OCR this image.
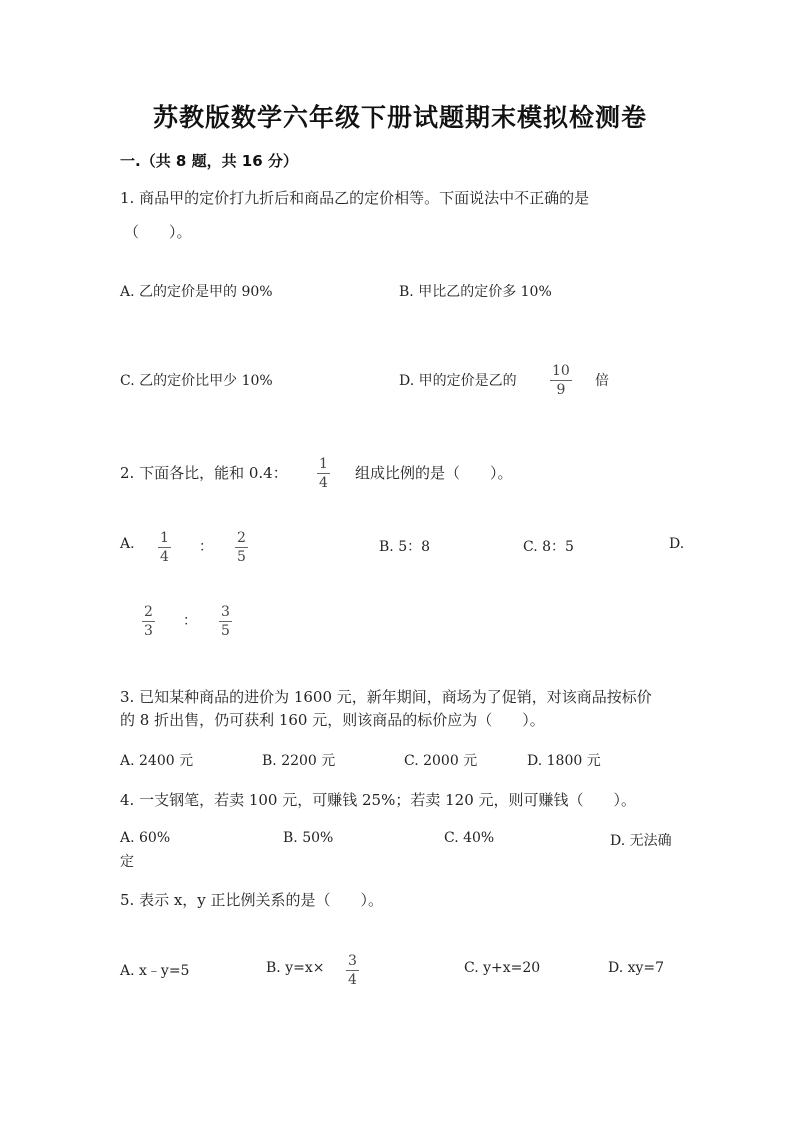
苏教版数学六年级下册试题期末模拟检测卷
一.（共 8 题，共 16 分）
1. 商品甲的定价打九折后和商品乙的定价相等。下面说法中不正确的是
（　　）。
A. 乙的定价是甲的 90%	B. 甲比乙的定价多 10%
C. 乙的定价比甲少 10%	D. 甲的定价是乙的
10
9
倍
2. 下面各比，能和 0.4： 1
4
组成比例的是（　　）。
A. 1
4
：
2
5
B. 5：8	C. 8：5	D.
2
3
：
3
5
3. 已知某种商品的进价为 1600 元，新年期间，商场为了促销，对该商品按标价
的 8 折出售，仍可获利 160 元，则该商品的标价应为（　　）。
A. 2400 元	B. 2200 元	C. 2000 元	D. 1800 元
4. 一支钢笔，若卖 100 元，可赚钱 25%；若卖 120 元，则可赚钱（　　）。
A. 60%	B. 50%	C. 40%	D. 无法确
定
5. 表示 x，y 正比例关系的是（　　）。
A. x﹣y=5	B. y=x× 3
4
C. y+x=20	D. xy=7
